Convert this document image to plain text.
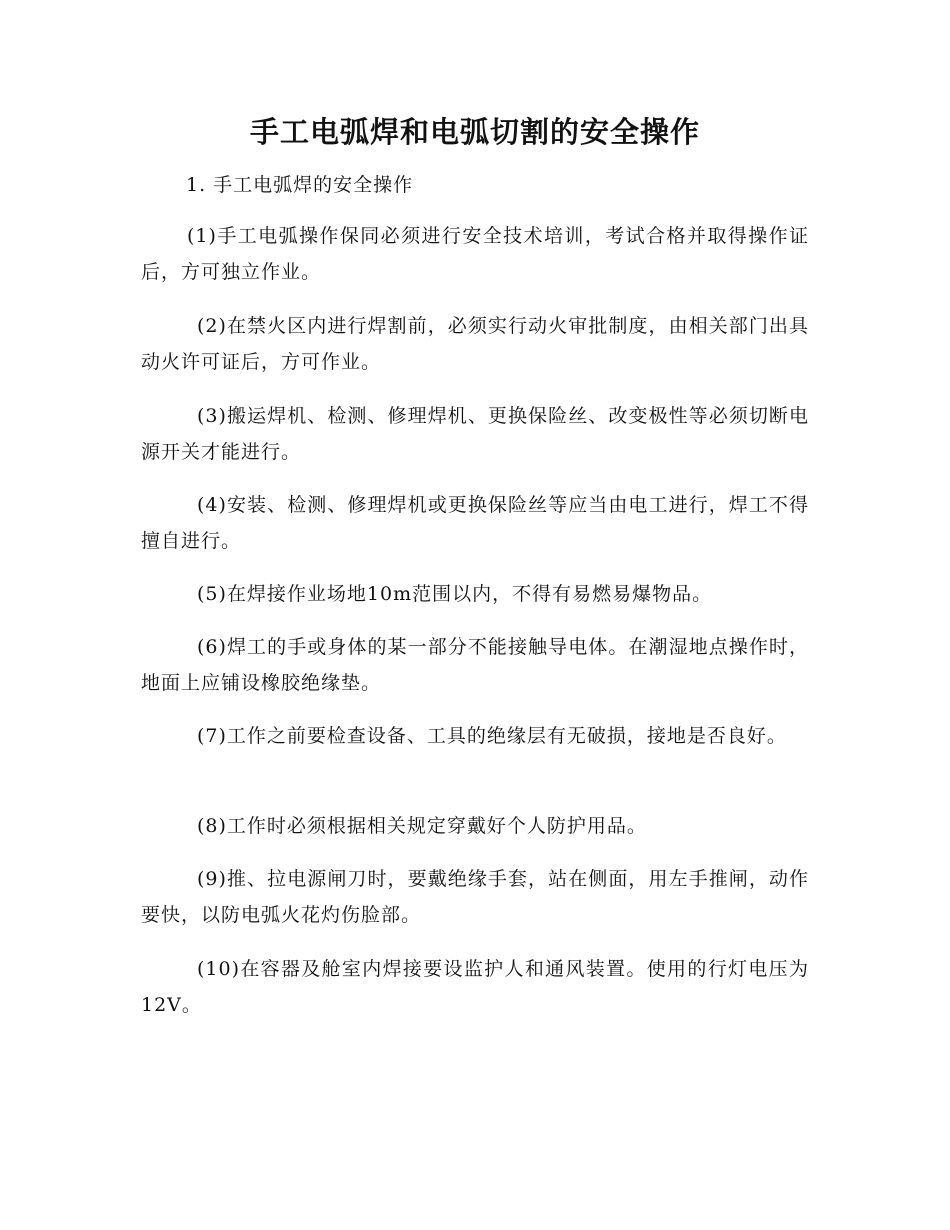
手工电弧焊和电弧切割的安全操作

1. 手工电弧焊的安全操作

(1)手工电弧操作保同必须进行安全技术培训，考试合格并取得操作证后，方可独立作业。

(2)在禁火区内进行焊割前，必须实行动火审批制度，由相关部门出具动火许可证后，方可作业。

(3)搬运焊机、检测、修理焊机、更换保险丝、改变极性等必须切断电源开关才能进行。

(4)安装、检测、修理焊机或更换保险丝等应当由电工进行，焊工不得擅自进行。

(5)在焊接作业场地10m范围以内，不得有易燃易爆物品。

(6)焊工的手或身体的某一部分不能接触导电体。在潮湿地点操作时，地面上应铺设橡胶绝缘垫。

(7)工作之前要检查设备、工具的绝缘层有无破损，接地是否良好。

(8)工作时必须根据相关规定穿戴好个人防护用品。

(9)推、拉电源闸刀时，要戴绝缘手套，站在侧面，用左手推闸，动作要快，以防电弧火花灼伤脸部。

(10)在容器及舱室内焊接要设监护人和通风装置。使用的行灯电压为12V。
